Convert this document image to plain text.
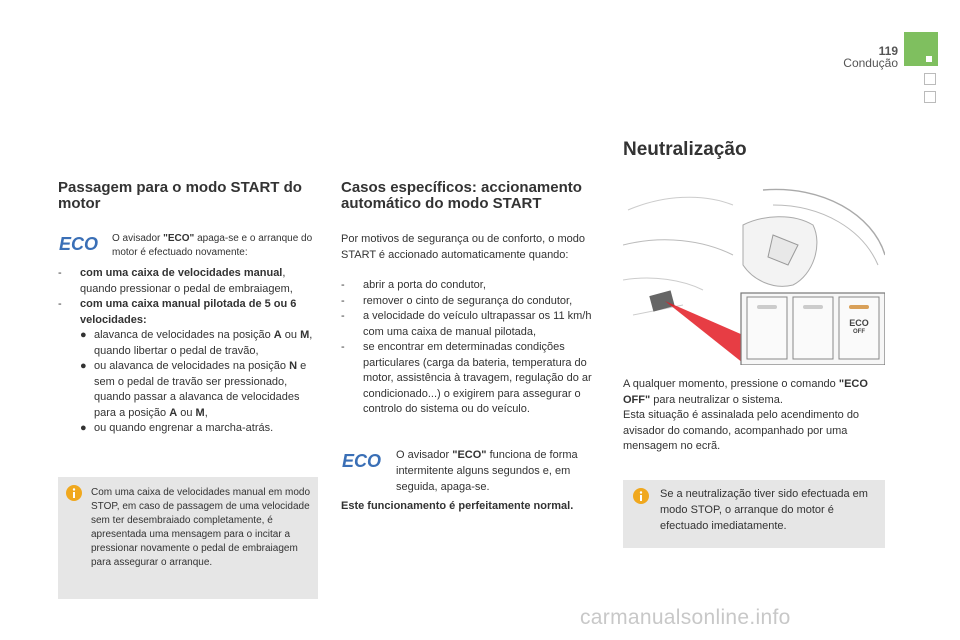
119
Condução
Passagem para o modo START do motor
ECO O avisador "ECO" apaga-se e o arranque do motor é efectuado novamente:
- com uma caixa de velocidades manual, quando pressionar o pedal de embraiagem,
- com uma caixa manual pilotada de 5 ou 6 velocidades:
● alavanca de velocidades na posição A ou M, quando libertar o pedal de travão,
● ou alavanca de velocidades na posição N e sem o pedal de travão ser pressionado, quando passar a alavanca de velocidades para a posição A ou M,
● ou quando engrenar a marcha-atrás.
Com uma caixa de velocidades manual em modo STOP, em caso de passagem de uma velocidade sem ter desembraiado completamente, é apresentada uma mensagem para o incitar a pressionar novamente o pedal de embraiagem para assegurar o arranque.
Casos específicos: accionamento automático do modo START
Por motivos de segurança ou de conforto, o modo START é accionado automaticamente quando:
- abrir a porta do condutor,
- remover o cinto de segurança do condutor,
- a velocidade do veículo ultrapassar os 11 km/h com uma caixa de manual pilotada,
- se encontrar em determinadas condições particulares (carga da bateria, temperatura do motor, assistência à travagem, regulação do ar condicionado...) o exigirem para assegurar o controlo do sistema ou do veículo.
ECO O avisador "ECO" funciona de forma intermitente alguns segundos e, em seguida, apaga-se.
Este funcionamento é perfeitamente normal.
Neutralização
ECO
OFF
A qualquer momento, pressione o comando "ECO OFF" para neutralizar o sistema.
Esta situação é assinalada pelo acendimento do avisador do comando, acompanhado por uma mensagem no ecrã.
Se a neutralização tiver sido efectuada em modo STOP, o arranque do motor é efectuado imediatamente.
carmanualsonline.info
